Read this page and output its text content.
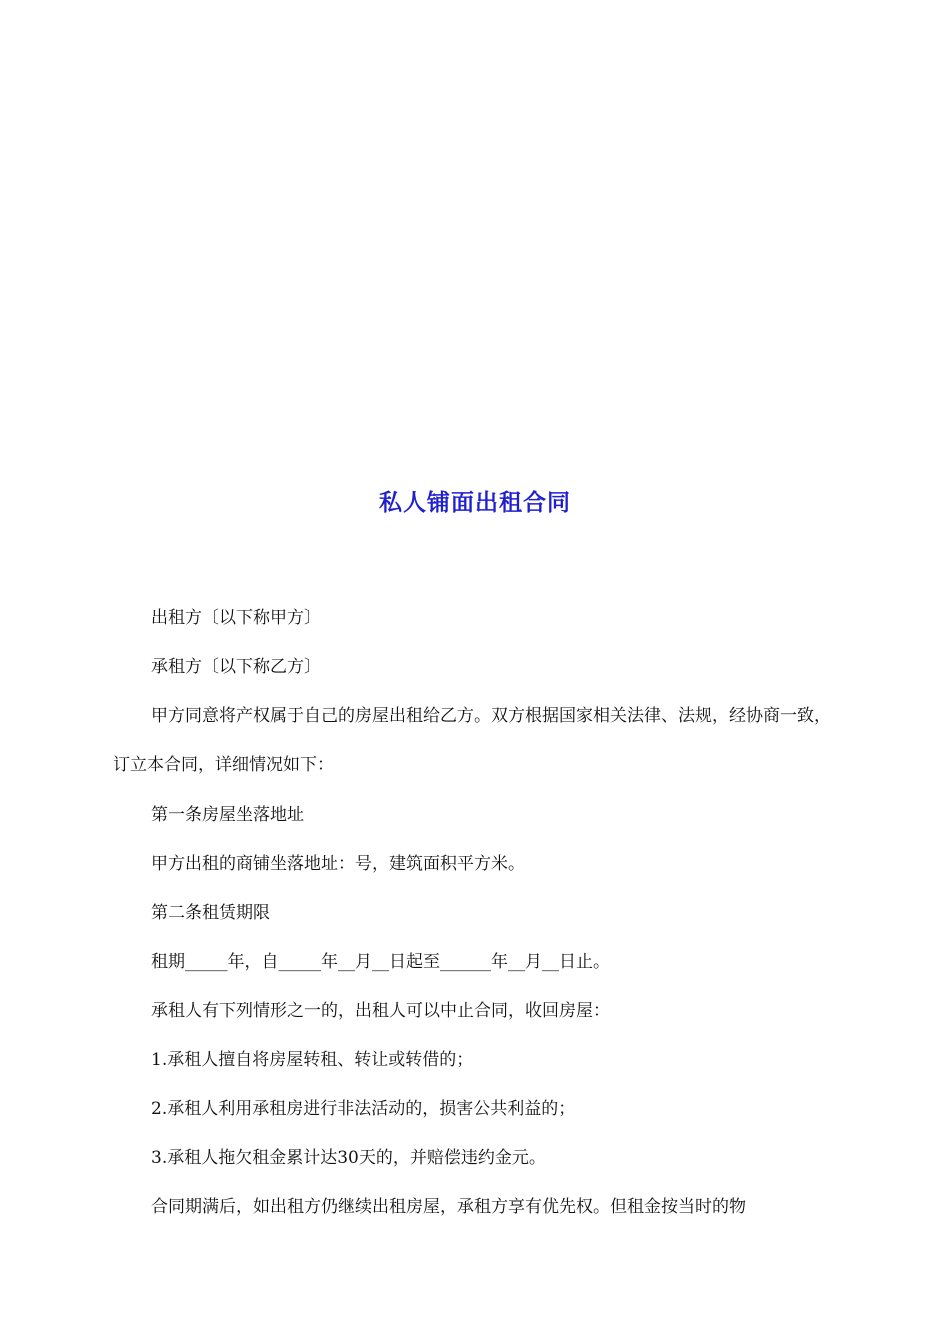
私人铺面出租合同

出租方〔以下称甲方〕

承租方〔以下称乙方〕

甲方同意将产权属于自己的房屋出租给乙方。双方根据国家相关法律、法规，经协商一致，订立本合同，详细情况如下：

第一条房屋坐落地址

甲方出租的商铺坐落地址：号，建筑面积平方米。

第二条租赁期限

租期_____年，自_____年__月__日起至______年__月__日止。

承租人有下列情形之一的，出租人可以中止合同，收回房屋：

1.承租人擅自将房屋转租、转让或转借的；

2.承租人利用承租房进行非法活动的，损害公共利益的；

3.承租人拖欠租金累计达30天的，并赔偿违约金元。

合同期满后，如出租方仍继续出租房屋，承租方享有优先权。但租金按当时的物
